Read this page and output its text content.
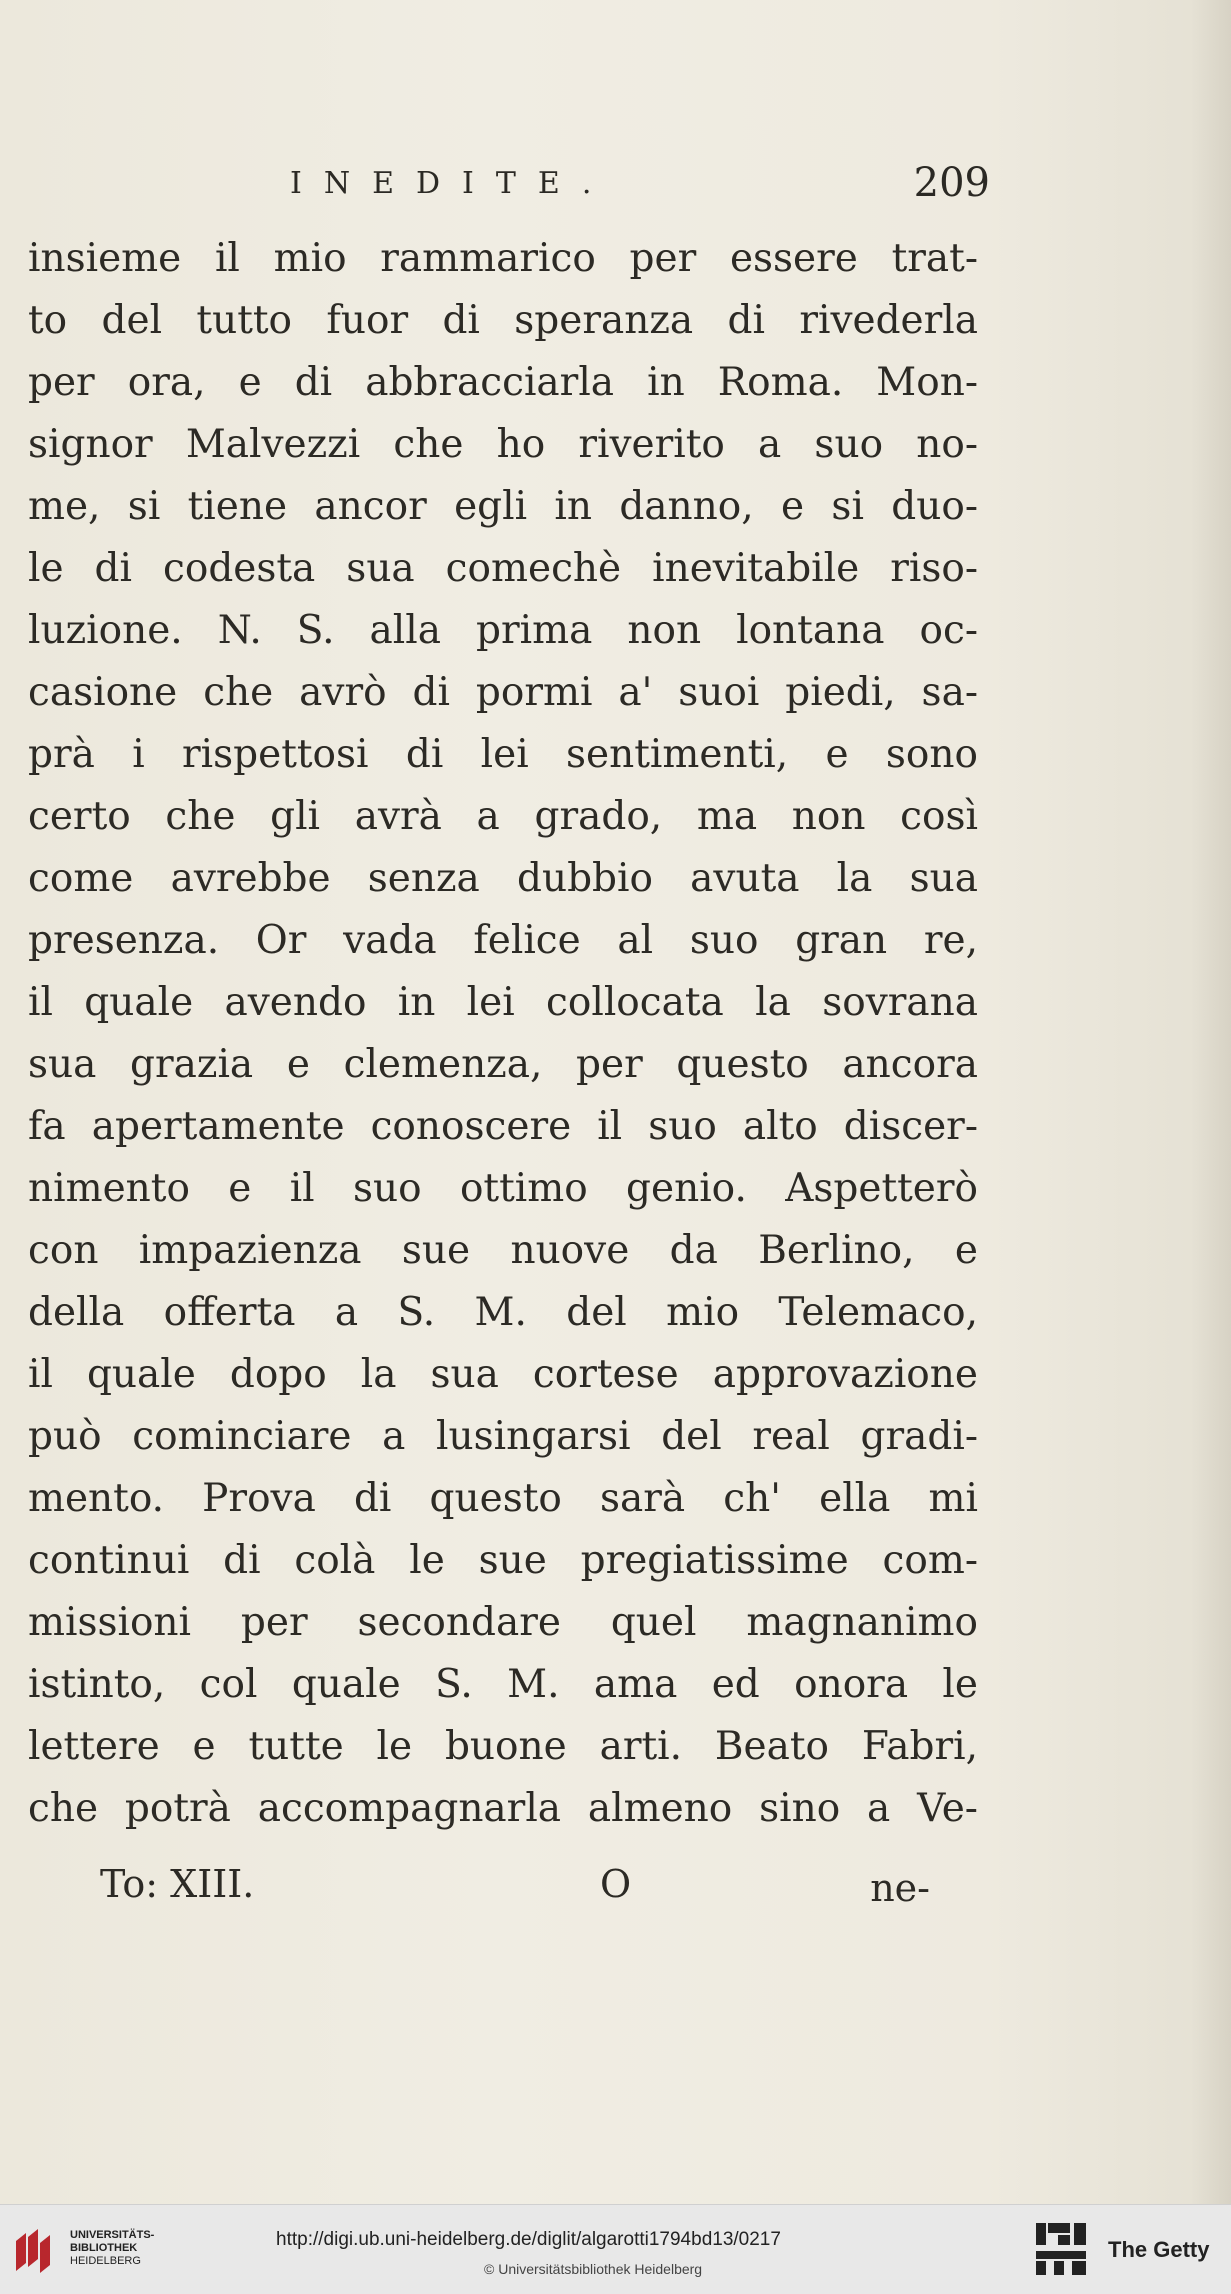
INEDITE.	209
insieme il mio rammarico per essere trat-
to del tutto fuor di speranza di rivederla
per ora, e di abbracciarla in Roma. Mon-
signor Malvezzi che ho riverito a suo no-
me, si tiene ancor egli in danno, e si duo-
le di codesta sua comechè inevitabile riso-
luzione. N. S. alla prima non lontana oc-
casione che avrò di pormi a' suoi piedi, sa-
prà i rispettosi di lei sentimenti, e sono
certo che gli avrà a grado, ma non così
come avrebbe senza dubbio avuta la sua
presenza. Or vada felice al suo gran re,
il quale avendo in lei collocata la sovrana
sua grazia e clemenza, per questo ancora
fa apertamente conoscere il suo alto discer-
nimento e il suo ottimo genio. Aspetterò
con impazienza sue nuove da Berlino, e
della offerta a S. M. del mio Telemaco,
il quale dopo la sua cortese approvazione
può cominciare a lusingarsi del real gradi-
mento. Prova di questo sarà ch' ella mi
continui di colà le sue pregiatissime com-
missioni per secondare quel magnanimo
istinto, col quale S. M. ama ed onora le
lettere e tutte le buone arti. Beato Fabri,
che potrà accompagnarla almeno sino a Ve-
To: XIII.	O	ne-
UNIVERSITÄTS-
BIBLIOTHEK
HEIDELBERG
http://digi.ub.uni-heidelberg.de/diglit/algarotti1794bd13/0217
© Universitätsbibliothek Heidelberg
The Getty
